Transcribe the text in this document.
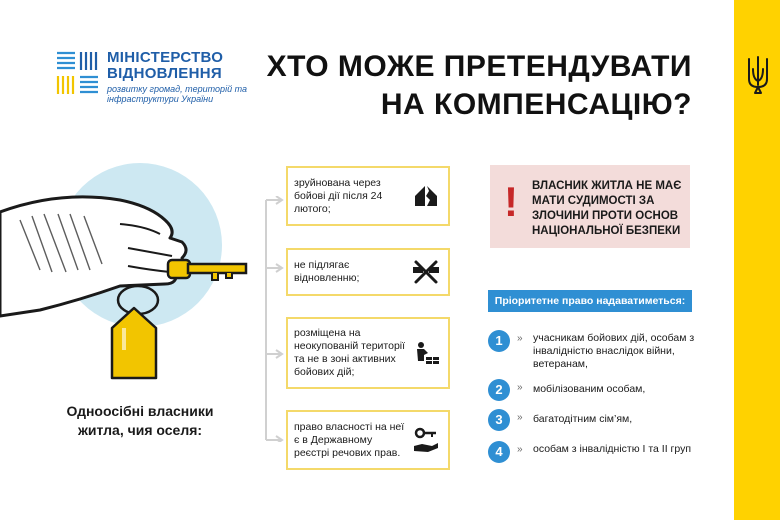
МІНІСТЕРСТВО ВІДНОВЛЕННЯ
розвитку громад, територій та інфраструктури України
ХТО МОЖЕ ПРЕТЕНДУВАТИ НА КОМПЕНСАЦІЮ?
Одноосібні власники житла, чия оселя:
зруйнована через бойові дії після 24 лютого;
не підлягає відновленню;
розміщена на неокупованій території та не в зоні активних бойових дій;
право власності на неї є в Державному реєстрі речових прав.
! ВЛАСНИК ЖИТЛА НЕ МАЄ МАТИ СУДИМОСТІ ЗА ЗЛОЧИНИ ПРОТИ ОСНОВ НАЦІОНАЛЬНОЇ БЕЗПЕКИ
Пріоритетне право надаватиметься:
1	» учасникам бойових дій, особам з інвалідністю внаслідок війни, ветеранам,
2	» мобілізованим особам,
3	» багатодітним сім’ям,
4	» особам з інвалідністю І та ІІ груп
